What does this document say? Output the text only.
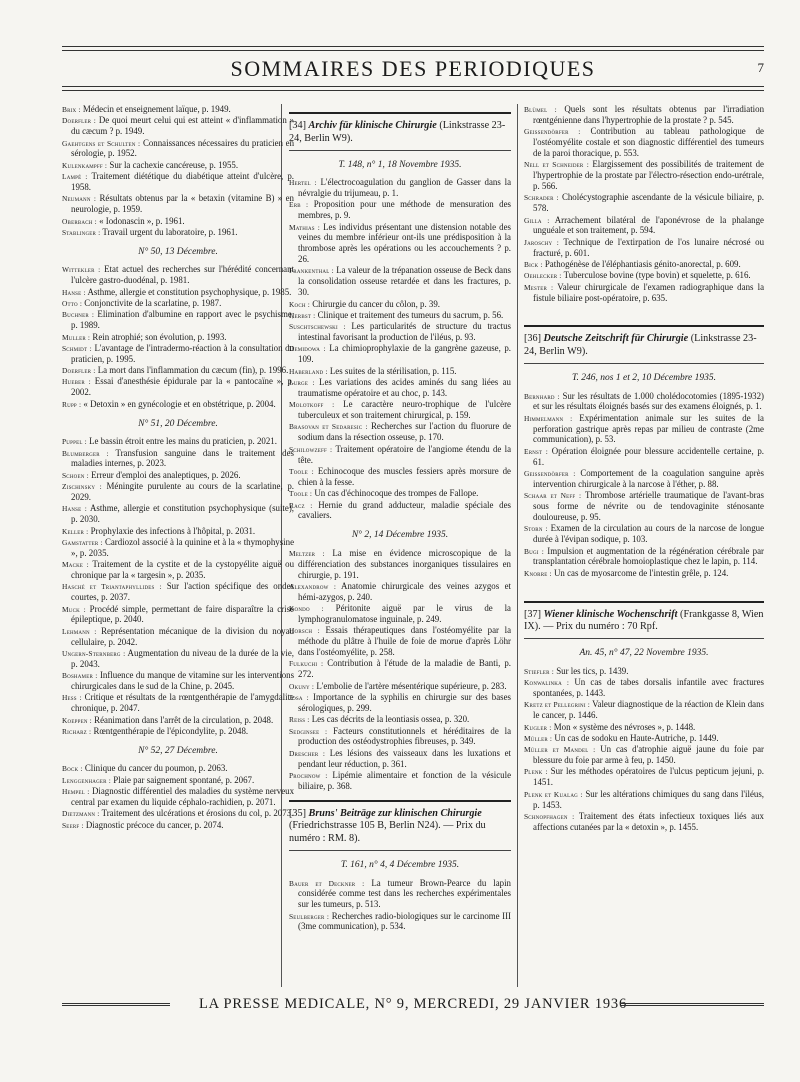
SOMMAIRES DES PERIODIQUES	7
Brix : Médecin et enseignement laïque, p. 1949.
Doerfler : De quoi meurt celui qui est atteint « d'inflammation » du cæcum ? p. 1949.
Gaehtgens et Schulten : Connaissances nécessaires du praticien en sérologie, p. 1952.
Kulenkampff : Sur la cachexie cancéreuse, p. 1955.
Lampé : Traitement diététique du diabétique atteint d'ulcère, p. 1958.
Neumann : Résultats obtenus par la « betaxin (vitamine B) » en neurologie, p. 1959.
Oberbach : « Iodonascin », p. 1961.
Stablinger : Travail urgent du laboratoire, p. 1961.
N° 50, 13 Décembre.
Wittekler : Etat actuel des recherches sur l'hérédité concernant l'ulcère gastro-duodénal, p. 1981.
Hanse : Asthme, allergie et constitution psychophysique, p. 1985.
Otto : Conjonctivite de la scarlatine, p. 1987.
Buchner : Elimination d'albumine en rapport avec le psychisme, p. 1989.
Muller : Rein atrophié; son évolution, p. 1993.
Schmidt : L'avantage de l'intradermo-réaction à la consultation du praticien, p. 1995.
Doerfler : La mort dans l'inflammation du cæcum (fin), p. 1996.
Hueber : Essai d'anesthésie épidurale par la « pantocaïne », p. 2002.
Rupp : « Detoxin » en gynécologie et en obstétrique, p. 2004.
N° 51, 20 Décembre.
Puppel : Le bassin étroit entre les mains du praticien, p. 2021.
Blumberger : Transfusion sanguine dans le traitement des maladies internes, p. 2023.
Schoen : Erreur d'emploi des analeptiques, p. 2026.
Zischinsky : Méningite purulente au cours de la scarlatine, p. 2029.
Hanse : Asthme, allergie et constitution psychophysique (suite), p. 2030.
Keller : Prophylaxie des infections à l'hôpital, p. 2031.
Gamstatter : Cardiozol associé à la quinine et à la « thymophysine », p. 2035.
Macke : Traitement de la cystite et de la cystopyélite aiguë ou chronique par la « targesin », p. 2035.
Hasché et Triantaphyllides : Sur l'action spécifique des ondes courtes, p. 2037.
Muck : Procédé simple, permettant de faire disparaître la crise épileptique, p. 2040.
Lehmann : Représentation mécanique de la division du noyau cellulaire, p. 2042.
Ungern-Sternberg : Augmentation du niveau de la durée de la vie, p. 2043.
Boshamer : Influence du manque de vitamine sur les interventions chirurgicales dans le sud de la Chine, p. 2045.
Hess : Critique et résultats de la rœntgenthérapie de l'amygdalite chronique, p. 2047.
Koeppen : Réanimation dans l'arrêt de la circulation, p. 2048.
Richarz : Rœntgenthérapie de l'épicondylite, p. 2048.
N° 52, 27 Décembre.
Bock : Clinique du cancer du poumon, p. 2063.
Lenggenhager : Plaie par saignement spontané, p. 2067.
Hempel : Diagnostic différentiel des maladies du système nerveux central par examen du liquide céphalo-rachidien, p. 2071.
Dietzmann : Traitement des ulcérations et érosions du col, p. 2073.
Seerf : Diagnostic précoce du cancer, p. 2074.
[34] Archiv für klinische Chirurgie (Linkstrasse 23-24, Berlin W9).
T. 148, n° 1, 18 Novembre 1935.
Hertel : L'électrocoagulation du ganglion de Gasser dans la névralgie du trijumeau, p. 1.
Erb : Proposition pour une méthode de mensuration des membres, p. 9.
Mathias : Les individus présentant une distension notable des veines du membre inférieur ont-ils une prédisposition à la thrombose après les opérations ou les accouchements ? p. 26.
Frankenthal : La valeur de la trépanation osseuse de Beck dans la consolidation osseuse retardée et dans les fractures, p. 30.
Koch : Chirurgie du cancer du côlon, p. 39.
Herbst : Clinique et traitement des tumeurs du sacrum, p. 56.
Suschtschewski : Les particularités de structure du tractus intestinal favorisant la production de l'iléus, p. 93.
Demidowa : La chimioprophylaxie de la gangrène gazeuse, p. 109.
Haberland : Les suites de la stérilisation, p. 115.
Lurge : Les variations des acides aminés du sang liées au traumatisme opératoire et au choc, p. 143.
Molotkoff : Le caractère neuro-trophique de l'ulcère tuberculeux et son traitement chirurgical, p. 159.
Brasovan et Sedaresic : Recherches sur l'action du fluorure de sodium dans la résection osseuse, p. 170.
Schilowzeff : Traitement opératoire de l'angiome étendu de la tête.
Toole : Echinocoque des muscles fessiers après morsure de chien à la fesse.
Toole : Un cas d'échinocoque des trompes de Fallope.
Racz : Hernie du grand adducteur, maladie spéciale des cavaliers.
N° 2, 14 Décembre 1935.
Meltzer : La mise en évidence microscopique de la différenciation des substances inorganiques tissulaires en chirurgie, p. 191.
Alexandrow : Anatomie chirurgicale des veines azygos et hémi-azygos, p. 240.
Kondo : Péritonite aiguë par le virus de la lymphogranulomatose inguinale, p. 249.
Horsch : Essais thérapeutiques dans l'ostéomyélite par la méthode du plâtre à l'huile de foie de morue d'après Löhr dans l'ostéomyélite, p. 258.
Fulkuchi : Contribution à l'étude de la maladie de Banti, p. 272.
Okuny : L'embolie de l'artère mésentérique supérieure, p. 283.
Josa : Importance de la syphilis en chirurgie sur des bases sérologiques, p. 299.
Reiss : Les cas décrits de la leontiasis ossea, p. 320.
Sedginsee : Facteurs constitutionnels et héréditaires de la production des ostéodystrophies fibreuses, p. 349.
Drescher : Les lésions des vaisseaux dans les luxations et pendant leur réduction, p. 361.
Prochnow : Lipémie alimentaire et fonction de la vésicule biliaire, p. 368.
[35] Bruns' Beiträge zur klinischen Chirurgie (Friedrichstrasse 105 B, Berlin N24). — Prix du numéro : RM. 8).
T. 161, n° 4, 4 Décembre 1935.
Bauer et Deckner : La tumeur Brown-Pearce du lapin considérée comme test dans les recherches expérimentales sur les tumeurs, p. 513.
Seulberger : Recherches radio-biologiques sur le carcinome III (3me communication), p. 534.
Blümel : Quels sont les résultats obtenus par l'irradiation rœntgénienne dans l'hypertrophie de la prostate ? p. 545.
Geissendörfer : Contribution au tableau pathologique de l'ostéomyélite costale et son diagnostic différentiel des tumeurs de la paroi thoracique, p. 553.
Nell et Schneider : Elargissement des possibilités de traitement de l'hypertrophie de la prostate par l'électro-résection endo-urétrale, p. 566.
Schrader : Cholécystographie ascendante de la vésicule biliaire, p. 578.
Gilla : Arrachement bilatéral de l'aponévrose de la phalange unguéale et son traitement, p. 594.
Jaroschy : Technique de l'extirpation de l'os lunaire nécrosé ou fracturé, p. 601.
Bick : Pathogénèse de l'éléphantiasis génito-anorectal, p. 609.
Oehlecker : Tuberculose bovine (type bovin) et squelette, p. 616.
Mester : Valeur chirurgicale de l'examen radiographique dans la fistule biliaire post-opératoire, p. 635.
[36] Deutsche Zeitschrift für Chirurgie (Linkstrasse 23-24, Berlin W9).
T. 246, nos 1 et 2, 10 Décembre 1935.
Bernhard : Sur les résultats de 1.000 cholédocotomies (1895-1932) et sur les résultats éloignés basés sur des examens éloignés, p. 1.
Himmelmann : Expérimentation animale sur les suites de la perforation gastrique après repas par milieu de contraste (2me communication), p. 53.
Ernst : Opération éloignée pour blessure accidentelle certaine, p. 61.
Geissendörfer : Comportement de la coagulation sanguine après intervention chirurgicale à la narcose à l'éther, p. 88.
Schaar et Neff : Thrombose artérielle traumatique de l'avant-bras sous forme de névrite ou de tendovaginite sténosante douloureuse, p. 95.
Storn : Examen de la circulation au cours de la narcose de longue durée à l'évipan sodique, p. 103.
Bugi : Impulsion et augmentation de la régénération cérébrale par transplantation cérébrale homoioplastique chez le lapin, p. 114.
Knorre : Un cas de myosarcome de l'intestin grêle, p. 124.
[37] Wiener klinische Wochenschrift (Frankgasse 8, Wien IX). — Prix du numéro : 70 Rpf.
An. 45, n° 47, 22 Novembre 1935.
Stiefler : Sur les tics, p. 1439.
Konwalinka : Un cas de tabes dorsalis infantile avec fractures spontanées, p. 1443.
Kretz et Pellegrini : Valeur diagnostique de la réaction de Klein dans le cancer, p. 1446.
Kugler : Mon « système des névroses », p. 1448.
Müller : Un cas de sodoku en Haute-Autriche, p. 1449.
Müller et Mandel : Un cas d'atrophie aiguë jaune du foie par blessure du foie par arme à feu, p. 1450.
Plenk : Sur les méthodes opératoires de l'ulcus pepticum jejuni, p. 1451.
Plenk et Kualag : Sur les altérations chimiques du sang dans l'iléus, p. 1453.
Schnopfhagen : Traitement des états infectieux toxiques liés aux affections cutanées par la « detoxin », p. 1455.
LA PRESSE MEDICALE, N° 9, MERCREDI, 29 JANVIER 1936
